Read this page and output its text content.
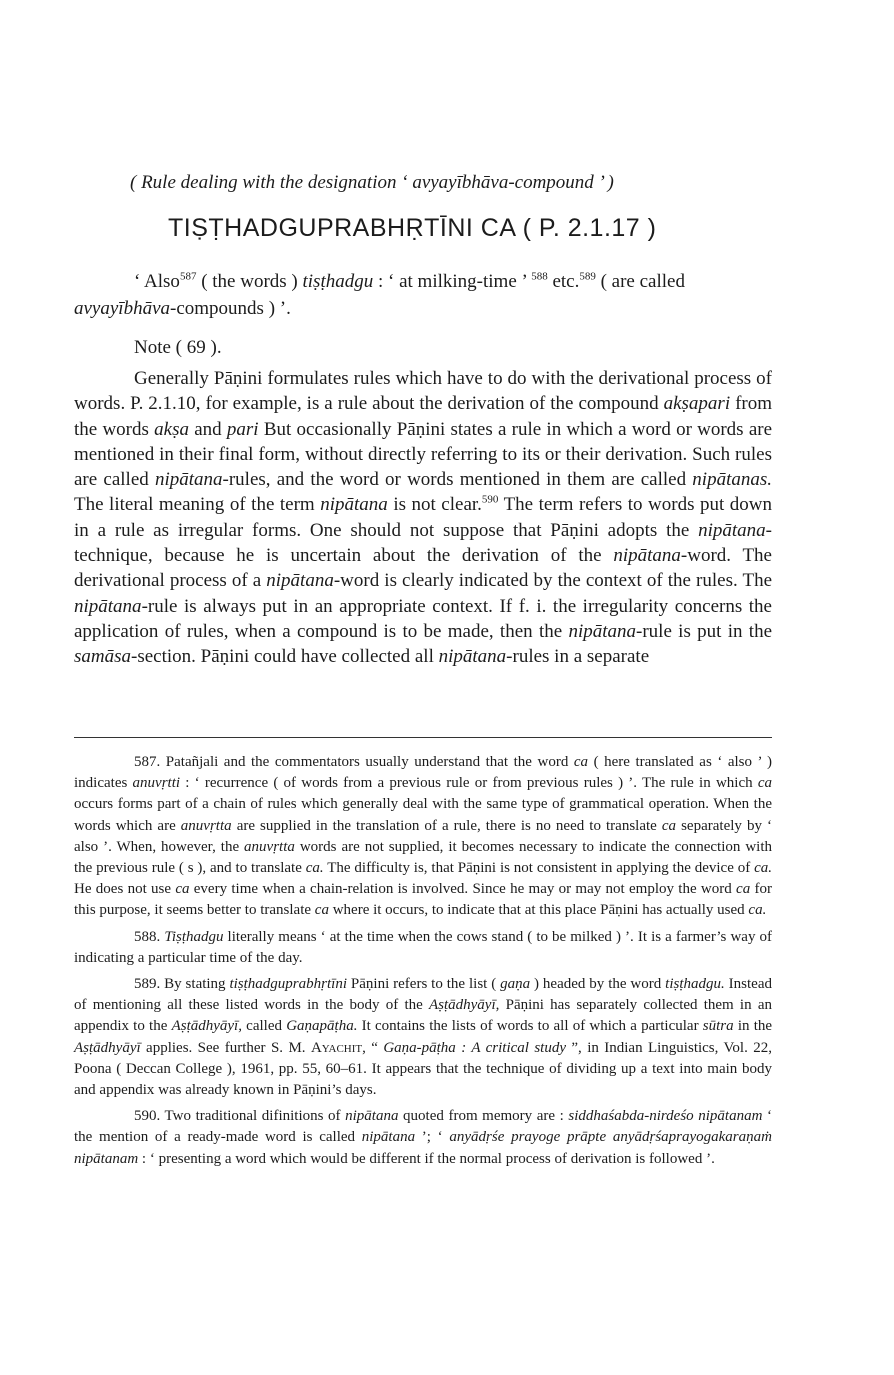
( Rule dealing with the designation ‘ avyayībhāva-compound ’ )
TIṢṬHADGUPRABHṚTĪNI CA ( P. 2.1.17 )

‘ Also$^{587}$ ( the words ) tiṣṭhadgu : ‘ at milking-time ’ $^{588}$ etc.$^{589}$ ( are called avyayībhāva-compounds ) ’.

Note ( 69 ).

Generally Pāṇini formulates rules which have to do with the derivational process of words. P. 2.1.10, for example, is a rule about the derivation of the compound akṣapari from the words akṣa and pari But occasionally Pāṇini states a rule in which a word or words are mentioned in their final form, without directly referring to its or their derivation. Such rules are called nipātana-rules, and the word or words mentioned in them are called nipātanas. The literal meaning of the term nipātana is not clear.$^{590}$ The term refers to words put down in a rule as irregular forms. One should not suppose that Pāṇini adopts the nipātana-technique, because he is uncertain about the derivation of the nipātana-word. The derivational process of a nipātana-word is clearly indicated by the context of the rules. The nipātana-rule is always put in an appropriate context. If f. i. the irregularity concerns the application of rules, when a compound is to be made, then the nipātana-rule is put in the samāsa-section. Pāṇini could have collected all nipātana-rules in a separate

587. Patañjali and the commentators usually understand that the word ca ( here translated as ‘ also ’ ) indicates anuvṛtti : ‘ recurrence ( of words from a previous rule or from previous rules ) ’. The rule in which ca occurs forms part of a chain of rules which generally deal with the same type of grammatical operation. When the words which are anuvṛtta are supplied in the translation of a rule, there is no need to translate ca separately by ‘ also ’. When, however, the anuvṛtta words are not supplied, it becomes necessary to indicate the connection with the previous rule ( s ), and to translate ca. The difficulty is, that Pāṇini is not consistent in applying the device of ca. He does not use ca every time when a chain-relation is involved. Since he may or may not employ the word ca for this purpose, it seems better to translate ca where it occurs, to indicate that at this place Pāṇini has actually used ca.

588. Tiṣṭhadgu literally means ‘ at the time when the cows stand ( to be milked ) ’. It is a farmer’s way of indicating a particular time of the day.

589. By stating tiṣṭhadguprabhṛtīni Pāṇini refers to the list ( gaṇa ) headed by the word tiṣṭhadgu. Instead of mentioning all these listed words in the body of the Aṣṭādhyāyī, Pāṇini has separately collected them in an appendix to the Aṣṭādhyāyī, called Gaṇapāṭha. It contains the lists of words to all of which a particular sūtra in the Aṣṭādhyāyī applies. See further S. M. Ayachit, “ Gaṇa-pāṭha : A critical study ”, in Indian Linguistics, Vol. 22, Poona ( Deccan College ), 1961, pp. 55, 60–61. It appears that the technique of dividing up a text into main body and appendix was already known in Pāṇini’s days.

590. Two traditional difinitions of nipātana quoted from memory are : siddhaśabda-nirdeśo nipātanam ‘ the mention of a ready-made word is called nipātana ’; ‘ anyādṛśe prayoge prāpte anyādṛśaprayogakaraṇaṁ nipātanam : ‘ presenting a word which would be different if the normal process of derivation is followed ’.
